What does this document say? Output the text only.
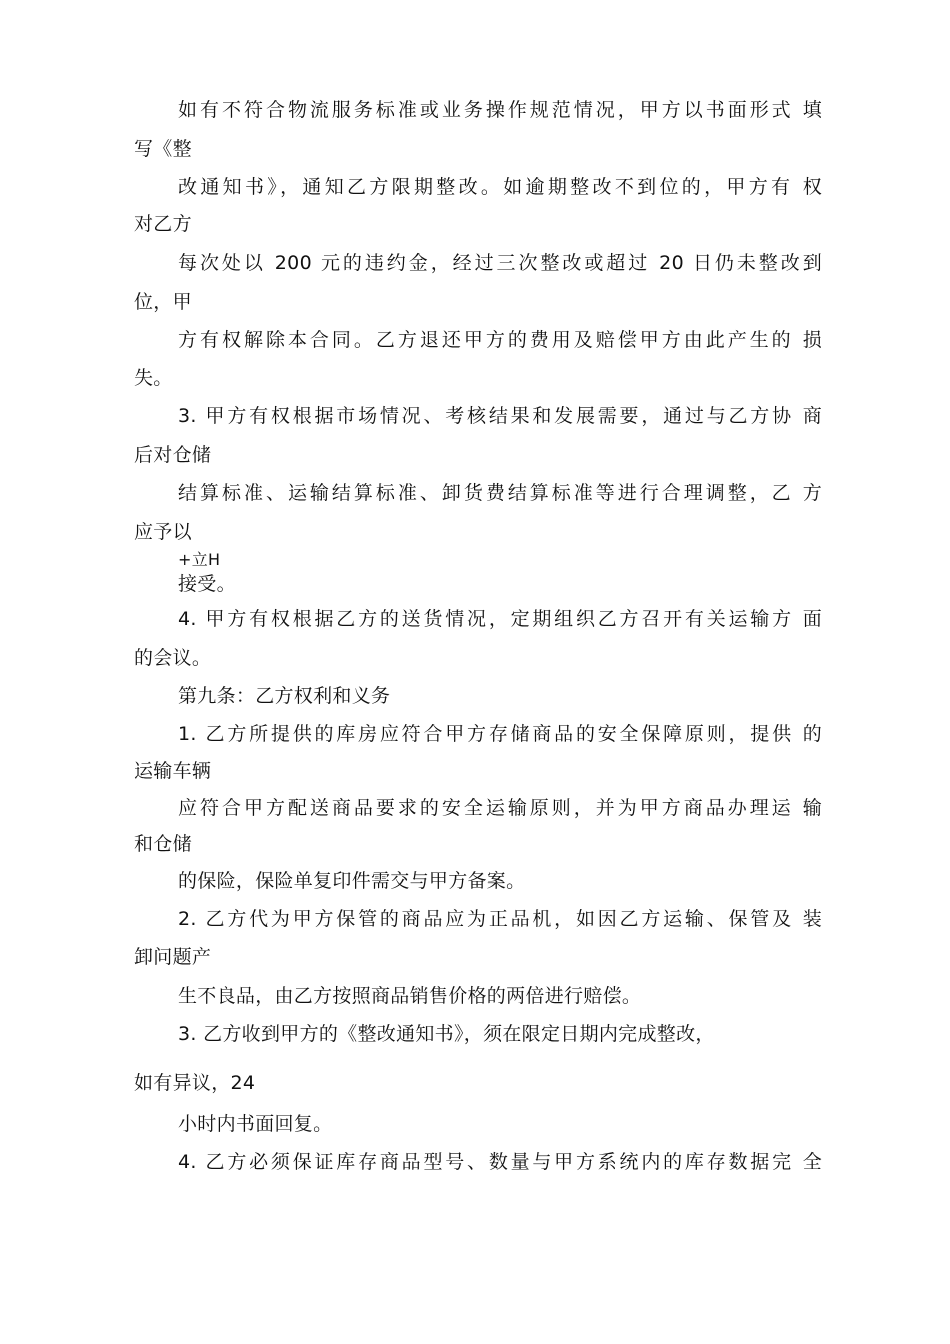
如有不符合物流服务标准或业务操作规范情况，甲方以书面形式 填
写《整
改通知书》，通知乙方限期整改。如逾期整改不到位的，甲方有 权
对乙方
每次处以 200 元的违约金，经过三次整改或超过 20 日仍未整改到
位，甲
方有权解除本合同。乙方退还甲方的费用及赔偿甲方由此产生的 损
失。
3. 甲方有权根据市场情况、考核结果和发展需要，通过与乙方协 商
后对仓储
结算标准、运输结算标准、卸货费结算标准等进行合理调整，乙 方
应予以
+立H
接受。
4. 甲方有权根据乙方的送货情况，定期组织乙方召开有关运输方 面
的会议。
第九条：乙方权利和义务
1. 乙方所提供的库房应符合甲方存储商品的安全保障原则，提供 的
运输车辆
应符合甲方配送商品要求的安全运输原则，并为甲方商品办理运 输
和仓储
的保险，保险单复印件需交与甲方备案。
2. 乙方代为甲方保管的商品应为正品机，如因乙方运输、保管及 装
卸问题产
生不良品，由乙方按照商品销售价格的两倍进行赔偿。
3. 乙方收到甲方的《整改通知书》，须在限定日期内完成整改，
如有异议，24
小时内书面回复。
4. 乙方必须保证库存商品型号、数量与甲方系统内的库存数据完 全
